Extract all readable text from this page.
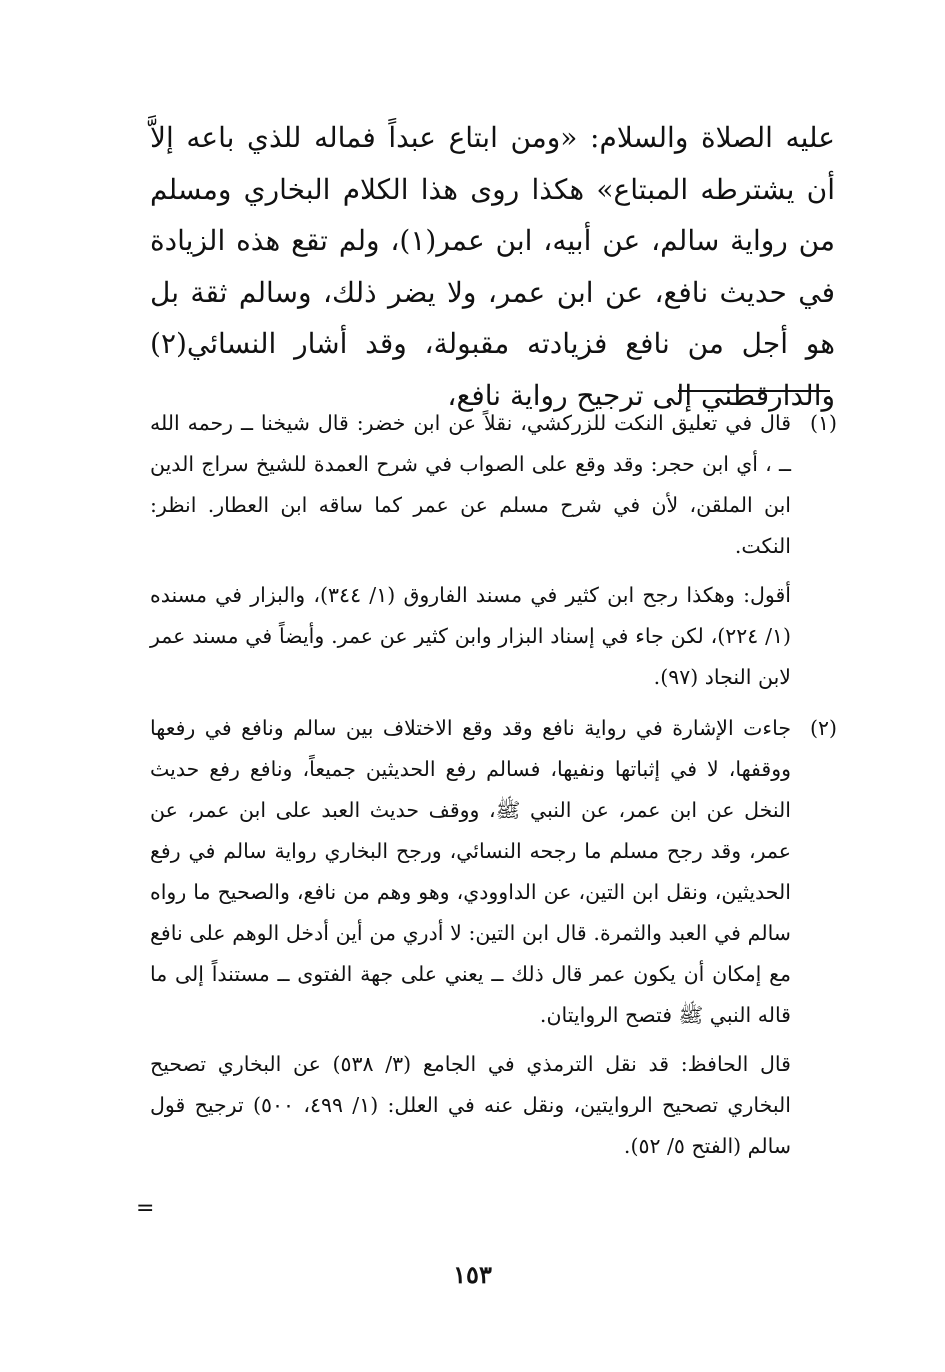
عليه الصلاة والسلام: «ومن ابتاع عبداً فماله للذي باعه إلاَّ أن يشترطه المبتاع» هكذا روى هذا الكلام البخاري ومسلم من رواية سالم، عن أبيه، ابن عمر(١)، ولم تقع هذه الزيادة في حديث نافع، عن ابن عمر، ولا يضر ذلك، وسالم ثقة بل هو أجل من نافع فزيادته مقبولة، وقد أشار النسائي(٢) والدارقطني إلى ترجيح رواية نافع،

(١)

قال في تعليق النكت للزركشي، نقلاً عن ابن خضر: قال شيخنا ــ رحمه الله ــ ، أي ابن حجر: وقد وقع على الصواب في شرح العمدة للشيخ سراج الدين ابن الملقن، لأن في شرح مسلم عن عمر كما ساقه ابن العطار. انظر: النكت.

أقول: وهكذا رجح ابن كثير في مسند الفاروق (١/ ٣٤٤)، والبزار في مسنده (١/ ٢٢٤)، لكن جاء في إسناد البزار وابن كثير عن عمر. وأيضاً في مسند عمر لابن النجاد (٩٧).

(٢)

جاءت الإشارة في رواية نافع وقد وقع الاختلاف بين سالم ونافع في رفعها ووقفها، لا في إثباتها ونفيها، فسالم رفع الحديثين جميعاً، ونافع رفع حديث النخل عن ابن عمر، عن النبي ﷺ، ووقف حديث العبد على ابن عمر، عن عمر، وقد رجح مسلم ما رجحه النسائي، ورجح البخاري رواية سالم في رفع الحديثين، ونقل ابن التين، عن الداوودي، وهو وهم من نافع، والصحيح ما رواه سالم في العبد والثمرة. قال ابن التين: لا أدري من أين أدخل الوهم على نافع مع إمكان أن يكون عمر قال ذلك ــ يعني على جهة الفتوى ــ مستنداً إلى ما قاله النبي ﷺ فتصح الروايتان.

قال الحافظ: قد نقل الترمذي في الجامع (٣/ ٥٣٨) عن البخاري تصحيح البخاري تصحيح الروايتين، ونقل عنه في العلل: (١/ ٤٩٩، ٥٠٠) ترجيح قول سالم (الفتح ٥/ ٥٢).

=
١٥٣
